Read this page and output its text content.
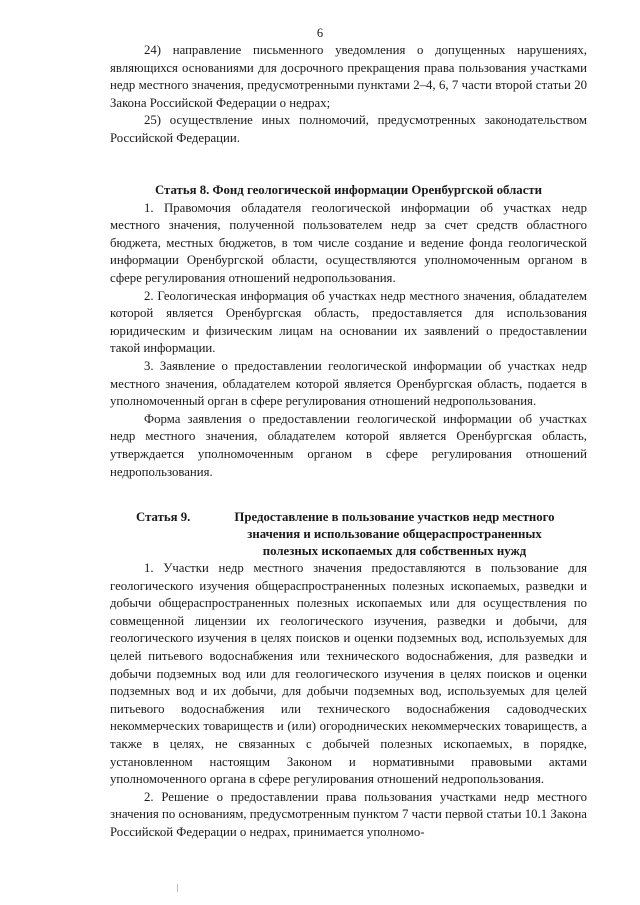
6

24) направление письменного уведомления о допущенных нарушениях, являющихся основаниями для досрочного прекращения права пользования участками недр местного значения, предусмотренными пунктами 2–4, 6, 7 части второй статьи 20 Закона Российской Федерации о недрах;

25) осуществление иных полномочий, предусмотренных законодательством Российской Федерации.

Статья 8. Фонд геологической информации Оренбургской области

1. Правомочия обладателя геологической информации об участках недр местного значения, полученной пользователем недр за счет средств областного бюджета, местных бюджетов, в том числе создание и ведение фонда геологической информации Оренбургской области, осуществляются уполномоченным органом в сфере регулирования отношений недропользования.

2. Геологическая информация об участках недр местного значения, обладателем которой является Оренбургская область, предоставляется для использования юридическим и физическим лицам на основании их заявлений о предоставлении такой информации.

3. Заявление о предоставлении геологической информации об участках недр местного значения, обладателем которой является Оренбургская область, подается в уполномоченный орган в сфере регулирования отношений недропользования.

Форма заявления о предоставлении геологической информации об участках недр местного значения, обладателем которой является Оренбургская область, утверждается уполномоченным органом в сфере регулирования отношений недропользования.

Статья 9.	Предоставление в пользование участков недр местного
значения и использование общераспространенных
полезных ископаемых для собственных нужд

1. Участки недр местного значения предоставляются в пользование для геологического изучения общераспространенных полезных ископаемых, разведки и добычи общераспространенных полезных ископаемых или для осуществления по совмещенной лицензии их геологического изучения, разведки и добычи, для геологического изучения в целях поисков и оценки подземных вод, используемых для целей питьевого водоснабжения или технического водоснабжения, для разведки и добычи подземных вод или для геологического изучения в целях поисков и оценки подземных вод и их добычи, для добычи подземных вод, используемых для целей питьевого водоснабжения или технического водоснабжения садоводческих некоммерческих товариществ и (или) огороднических некоммерческих товариществ, а также в целях, не связанных с добычей полезных ископаемых, в порядке, установленном настоящим Законом и нормативными правовыми актами уполномоченного органа в сфере регулирования отношений недропользования.

2. Решение о предоставлении права пользования участками недр местного значения по основаниям, предусмотренным пунктом 7 части первой статьи 10.1 Закона Российской Федерации о недрах, принимается уполномо-
